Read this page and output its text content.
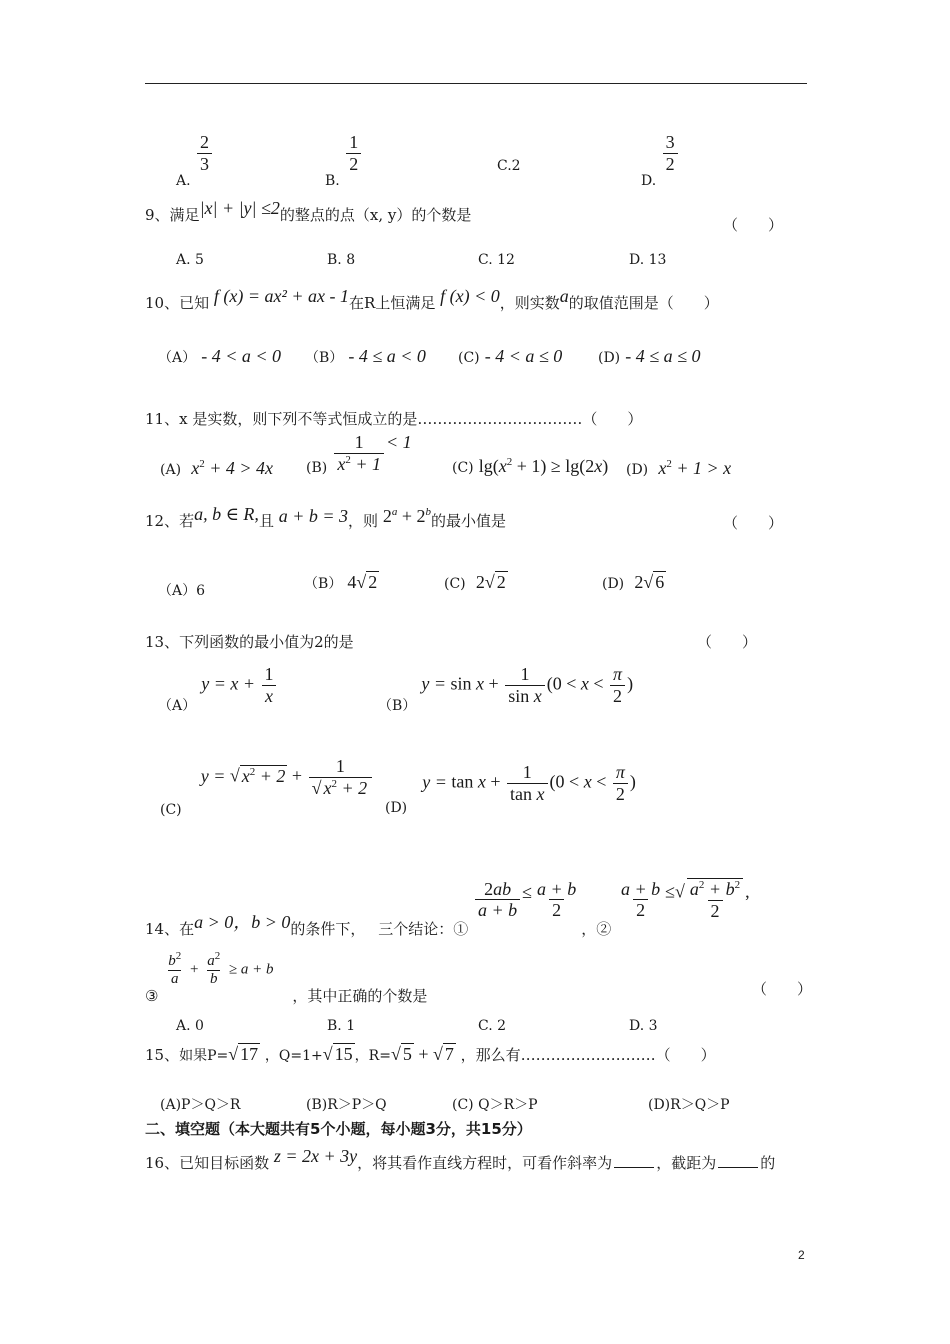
A.
$\frac{2}{3}$
B.
$\frac{1}{2}$	C.2
D.
$\frac{3}{2}$
9、满足|x| + |y| ≤2的整点的点（x, y）的个数是
（　　）
A. 5	B. 8	C. 12	D. 13
10、已知 f (x) = ax² + ax - 1在R上恒满足 f (x) < 0，则实数a的取值范围是（　　）
（A） - 4 < a < 0 （B） - 4 ≤ a < 0 (C) - 4 < a ≤ 0	(D) - 4 ≤ a ≤ 0
11、x 是实数，则下列不等式恒成立的是……………………………（　　）
(A) $x^2 + 4 > 4x$ $(B) \frac{1}{x^2 + 1} < 1$
(C) $\lg(x^2 + 1) \ge \lg(2x)$ (D) $x^2 + 1 > x$
12、若a, b ∈ R,且 a + b = 3，则 $2^a + 2^b$的最小值是	（　　）
（A）6	（B） 4√ 2	(C) 2√ 2	(D) 2√ 6
13、下列函数的最小值为2的是	（　　）
（A） $y = x + \frac{1}{x}$	（B） $y = \sin x + \frac{1}{\text{sin x}} (0 < x < \frac{\pi}{2}$ )
(C) y = √ $x^2 + 2 + \frac{1}{√ x^2 + 2}$
(D) $y = \tan x + \frac{1}{\text{tan x}} (0 < x < \frac{\pi}{2}$ )
14、在a > 0，b > 0的条件下， 三个结论：①
$\frac{2ab}{a + b} \le \frac{a + b}{2}$
，②
$\frac{a + b}{2}$ ≤√ $\frac{a^2 + b^2}{2}$ ,
③
$\frac{b^2}{a} + \frac{a^2}{b} \ge a + b$ ，其中正确的个数是	（　　）
A. 0	B. 1	C. 2	D. 3
15、如果P=√ 17 ，Q=1+√ 15 ，R=√ 5 + √ 7 ，那么有………………………（　　）
(A)P＞Q＞R	(B)R＞P＞Q	(C) Q＞R＞P	(D)R＞Q＞P
二、填空题（本大题共有5个小题，每小题3分，共15分）
16、已知目标函数 z = 2x + 3y，将其看作直线方程时，可看作斜率为	，截距为	的
2
